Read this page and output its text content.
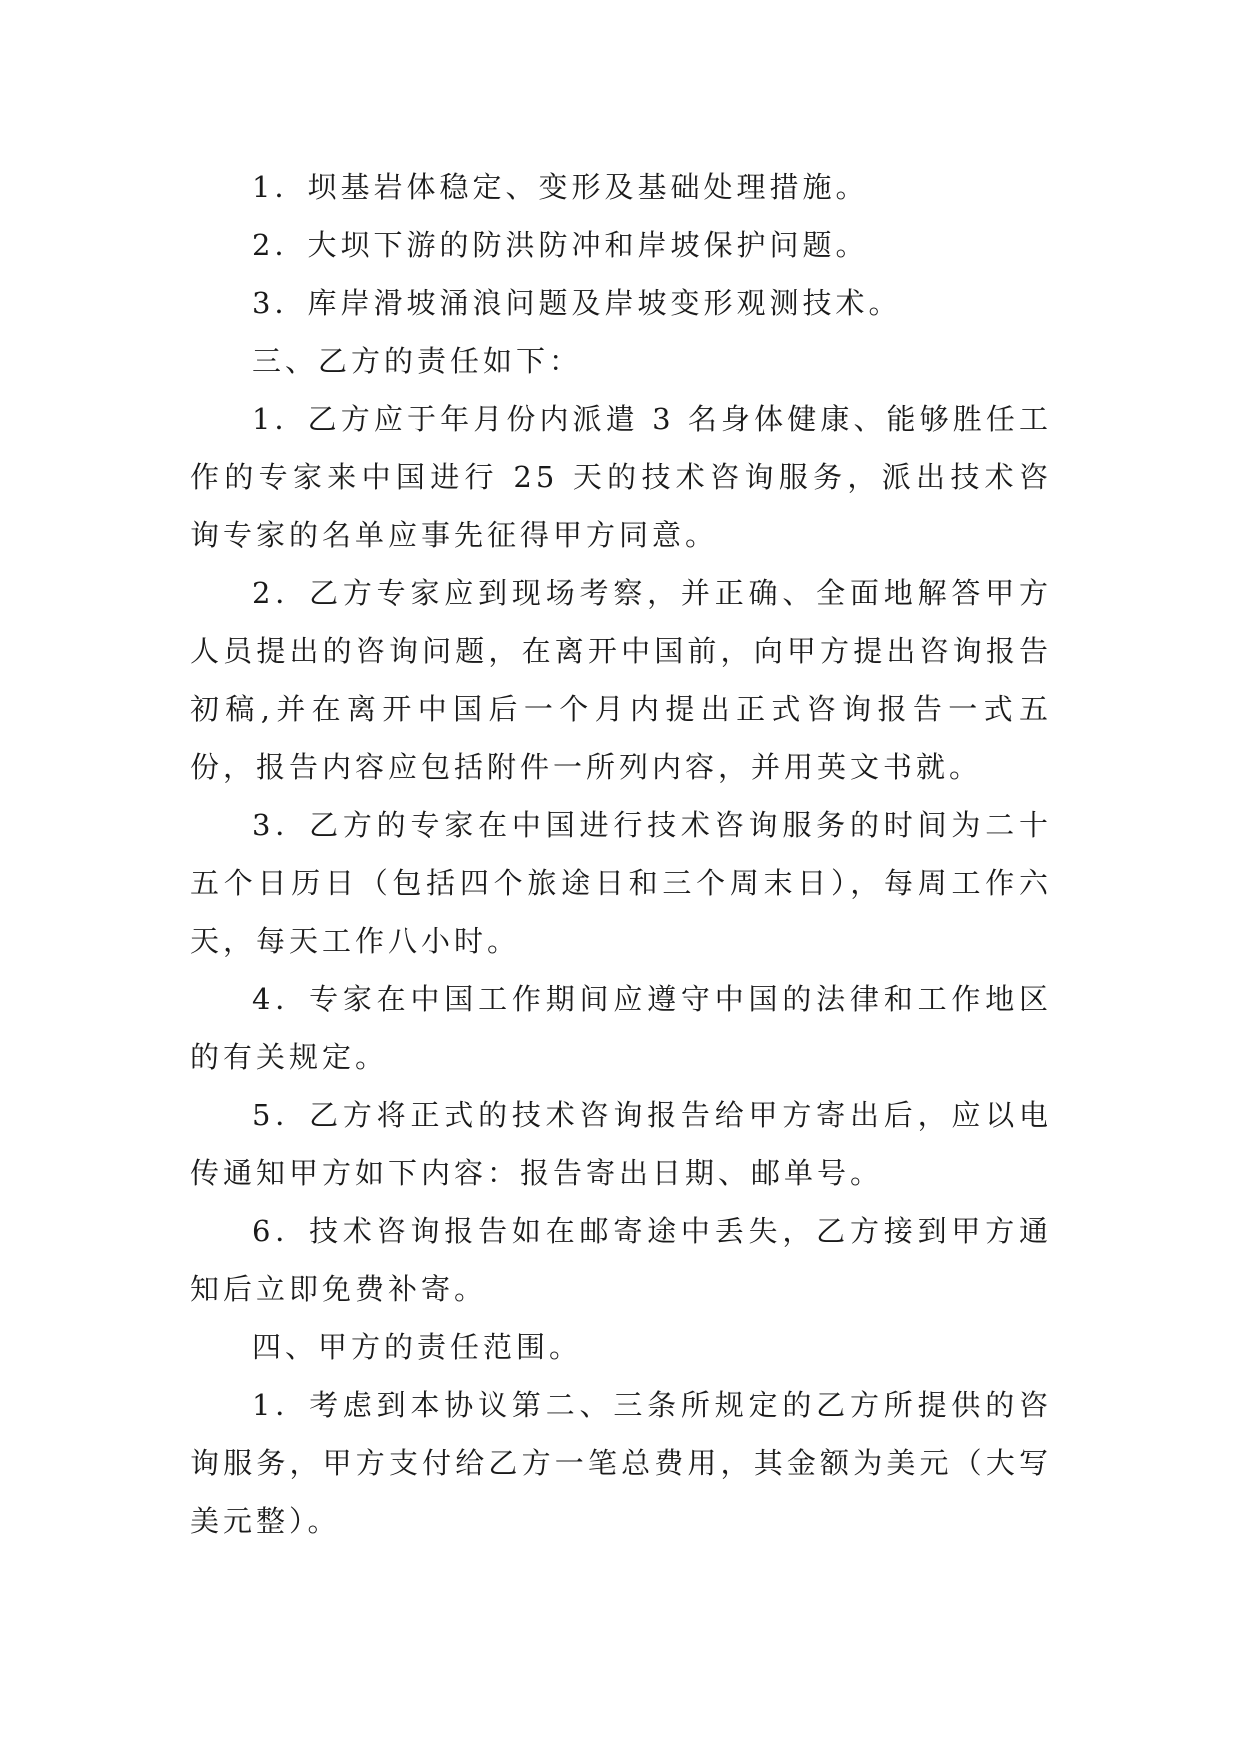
1．坝基岩体稳定、变形及基础处理措施。

2．大坝下游的防洪防冲和岸坡保护问题。

3．库岸滑坡涌浪问题及岸坡变形观测技术。

三、乙方的责任如下：

1．乙方应于年月份内派遣 3 名身体健康、能够胜任工作的专家来中国进行 25 天的技术咨询服务，派出技术咨询专家的名单应事先征得甲方同意。

2．乙方专家应到现场考察，并正确、全面地解答甲方人员提出的咨询问题，在离开中国前，向甲方提出咨询报告初稿,并在离开中国后一个月内提出正式咨询报告一式五份，报告内容应包括附件一所列内容，并用英文书就。

3．乙方的专家在中国进行技术咨询服务的时间为二十五个日历日（包括四个旅途日和三个周末日），每周工作六天，每天工作八小时。

4．专家在中国工作期间应遵守中国的法律和工作地区的有关规定。

5．乙方将正式的技术咨询报告给甲方寄出后，应以电传通知甲方如下内容：报告寄出日期、邮单号。

6．技术咨询报告如在邮寄途中丢失，乙方接到甲方通知后立即免费补寄。

四、甲方的责任范围。

1．考虑到本协议第二、三条所规定的乙方所提供的咨询服务，甲方支付给乙方一笔总费用，其金额为美元（大写美元整）。
